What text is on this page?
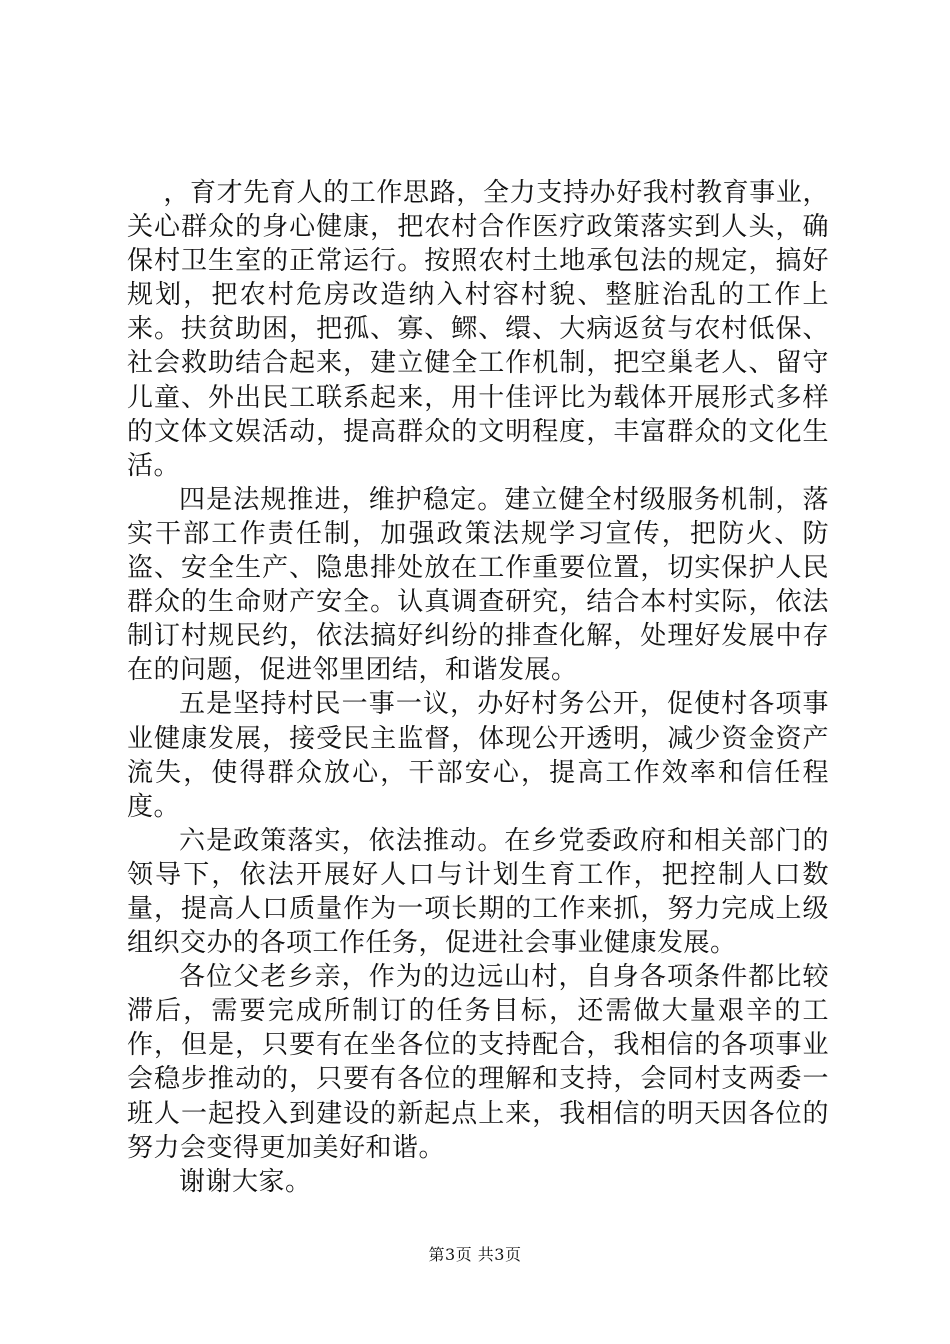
，育才先育人的工作思路，全力支持办好我村教育事业，关心群众的身心健康，把农村合作医疗政策落实到人头，确保村卫生室的正常运行。按照农村土地承包法的规定，搞好规划，把农村危房改造纳入村容村貌、整脏治乱的工作上来。扶贫助困，把孤、寡、鳏、缳、大病返贫与农村低保、社会救助结合起来，建立健全工作机制，把空巢老人、留守儿童、外出民工联系起来，用十佳评比为载体开展形式多样的文体文娱活动，提高群众的文明程度，丰富群众的文化生活。

四是法规推进，维护稳定。建立健全村级服务机制，落实干部工作责任制，加强政策法规学习宣传，把防火、防盗、安全生产、隐患排处放在工作重要位置，切实保护人民群众的生命财产安全。认真调查研究，结合本村实际，依法制订村规民约，依法搞好纠纷的排查化解，处理好发展中存在的问题，促进邻里团结，和谐发展。

五是坚持村民一事一议，办好村务公开，促使村各项事业健康发展，接受民主监督，体现公开透明，减少资金资产流失，使得群众放心，干部安心，提高工作效率和信任程度。

六是政策落实，依法推动。在乡党委政府和相关部门的领导下，依法开展好人口与计划生育工作，把控制人口数量，提高人口质量作为一项长期的工作来抓，努力完成上级组织交办的各项工作任务，促进社会事业健康发展。

各位父老乡亲，作为的边远山村，自身各项条件都比较滞后，需要完成所制订的任务目标，还需做大量艰辛的工作，但是，只要有在坐各位的支持配合，我相信的各项事业会稳步推动的，只要有各位的理解和支持，会同村支两委一班人一起投入到建设的新起点上来，我相信的明天因各位的努力会变得更加美好和谐。

谢谢大家。

第3页 共3页
